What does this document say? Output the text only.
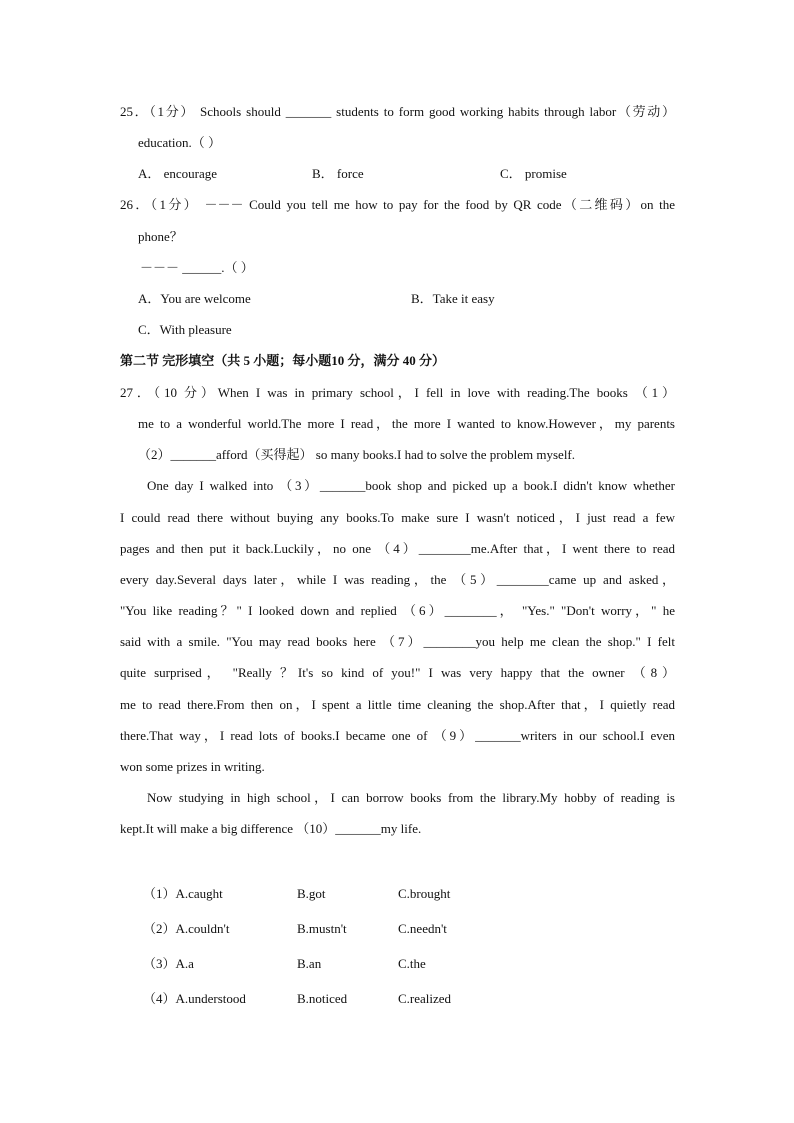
25．（1分） Schools should _______ students to form good working habits through labor（劳动）
education.（ ）
A． encourage	B． force	C． promise
26．（1分） －－－ Could you tell me how to pay for the food by QR code（二维码）on the
phone？
－－－ ______.（ ）
A．You are welcome	B．Take it easy
C．With pleasure
第二节 完形填空（共 5 小题；每小题10 分，满分 40 分）
27．（10 分）When I was in primary school，I fell in love with reading.The books （1）
me to a wonderful world.The more I read，the more I wanted to know.However，my parents
（2）_______afford（买得起） so many books.I had to solve the problem myself.
One day I walked into （3）_______book shop and picked up a book.I didn't know whether
I could read there without buying any books.To make sure I wasn't noticed，I just read a few
pages and then put it back.Luckily，no one （4）________me.After that，I went there to read
every day.Several days later，while I was reading，the （5）________came up and asked，
"You like reading？" I looked down and replied （6）________， "Yes." "Don't worry，" he
said with a smile. "You may read books here （7）________you help me clean the shop." I felt
quite surprised， "Really ？It's so kind of you!" I was very happy that the owner （8）
me to read there.From then on，I spent a little time cleaning the shop.After that，I quietly read
there.That way，I read lots of books.I became one of （9）_______writers in our school.I even
won some prizes in writing.
Now studying in high school，I can borrow books from the library.My hobby of reading is
kept.It will make a big difference （10）_______my life.
（1）A.caught	B.got	C.brought
（2）A.couldn't	B.mustn't	C.needn't
（3）A.a	B.an	C.the
（4）A.understood	B.noticed	C.realized
